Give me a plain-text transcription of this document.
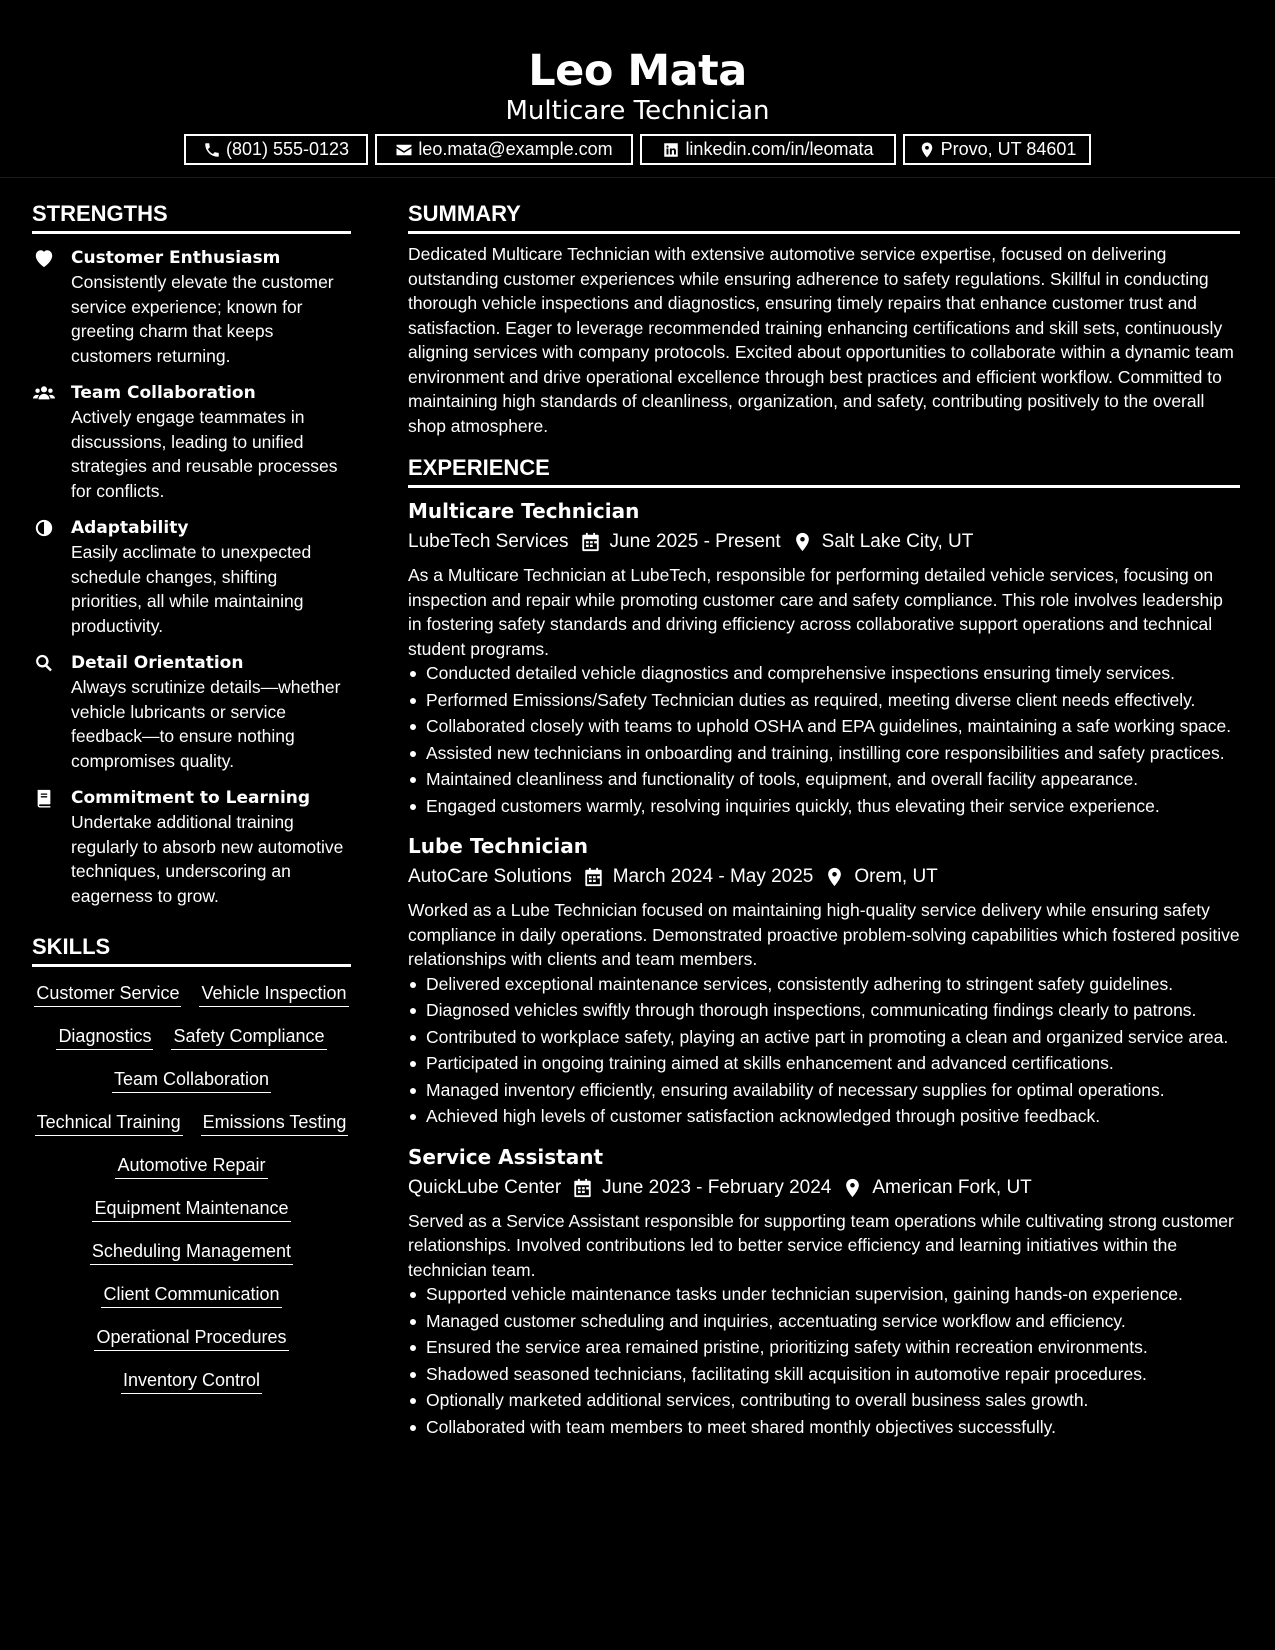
Leo Mata
Multicare Technician
(801) 555-0123	leo.mata@example.com	linkedin.com/in/leomata	Provo, UT 84601
STRENGTHS
Customer Enthusiasm

Consistently elevate the customer service experience; known for greeting charm that keeps customers returning.

Team Collaboration

Actively engage teammates in discussions, leading to unified strategies and reusable processes for conflicts.

Adaptability

Easily acclimate to unexpected schedule changes, shifting priorities, all while maintaining productivity.

Detail Orientation

Always scrutinize details—whether vehicle lubricants or service feedback—to ensure nothing compromises quality.

Commitment to Learning

Undertake additional training regularly to absorb new automotive techniques, underscoring an eagerness to grow.

SKILLS
Customer Service Vehicle Inspection
Diagnostics Safety Compliance
Team Collaboration
Technical Training Emissions Testing
Automotive Repair
Equipment Maintenance
Scheduling Management
Client Communication
Operational Procedures
Inventory Control
SUMMARY

Dedicated Multicare Technician with extensive automotive service expertise, focused on delivering outstanding customer experiences while ensuring adherence to safety regulations. Skillful in conducting thorough vehicle inspections and diagnostics, ensuring timely repairs that enhance customer trust and satisfaction. Eager to leverage recommended training enhancing certifications and skill sets, continuously aligning services with company protocols. Excited about opportunities to collaborate within a dynamic team environment and drive operational excellence through best practices and efficient workflow. Committed to maintaining high standards of cleanliness, organization, and safety, contributing positively to the overall shop atmosphere.

EXPERIENCE
Multicare Technician
LubeTech Services June 2025 - Present Salt Lake City, UT

As a Multicare Technician at LubeTech, responsible for performing detailed vehicle services, focusing on inspection and repair while promoting customer care and safety compliance. This role involves leadership in fostering safety standards and driving efficiency across collaborative support operations and technical student programs.

Conducted detailed vehicle diagnostics and comprehensive inspections ensuring timely services.
Performed Emissions/Safety Technician duties as required, meeting diverse client needs effectively.
Collaborated closely with teams to uphold OSHA and EPA guidelines, maintaining a safe working space.
Assisted new technicians in onboarding and training, instilling core responsibilities and safety practices.
Maintained cleanliness and functionality of tools, equipment, and overall facility appearance.
Engaged customers warmly, resolving inquiries quickly, thus elevating their service experience.
Lube Technician
AutoCare Solutions March 2024 - May 2025 Orem, UT

Worked as a Lube Technician focused on maintaining high-quality service delivery while ensuring safety compliance in daily operations. Demonstrated proactive problem-solving capabilities which fostered positive relationships with clients and team members.

Delivered exceptional maintenance services, consistently adhering to stringent safety guidelines.
Diagnosed vehicles swiftly through thorough inspections, communicating findings clearly to patrons.
Contributed to workplace safety, playing an active part in promoting a clean and organized service area.
Participated in ongoing training aimed at skills enhancement and advanced certifications.
Managed inventory efficiently, ensuring availability of necessary supplies for optimal operations.
Achieved high levels of customer satisfaction acknowledged through positive feedback.
Service Assistant
QuickLube Center June 2023 - February 2024 American Fork, UT

Served as a Service Assistant responsible for supporting team operations while cultivating strong customer relationships. Involved contributions led to better service efficiency and learning initiatives within the technician team.

Supported vehicle maintenance tasks under technician supervision, gaining hands-on experience.
Managed customer scheduling and inquiries, accentuating service workflow and efficiency.
Ensured the service area remained pristine, prioritizing safety within recreation environments.
Shadowed seasoned technicians, facilitating skill acquisition in automotive repair procedures.
Optionally marketed additional services, contributing to overall business sales growth.
Collaborated with team members to meet shared monthly objectives successfully.
